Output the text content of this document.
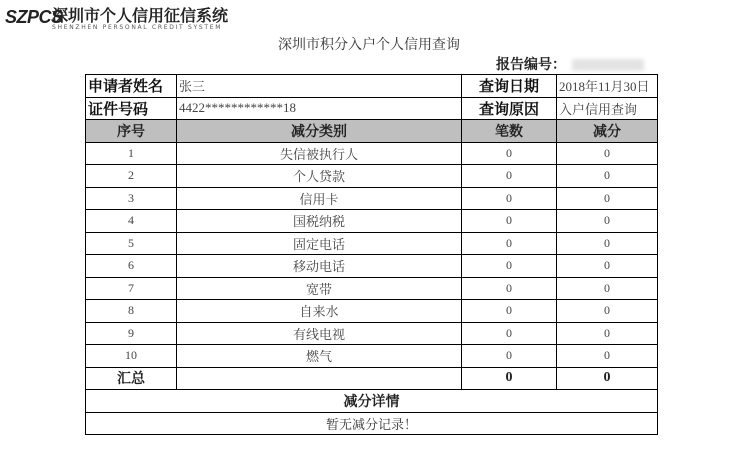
SZPCS
深圳市个人信用征信系统
SHENZHEN PERSONAL CREDIT SYSTEM
深圳市积分入户个人信用查询
报告编号：
申请者姓名	张三	查询日期	2018年11月30日
证件号码	4422************18	查询原因	入户信用查询
序号	减分类别	笔数	减分
1	失信被执行人	0	0
2	个人贷款	0	0
3	信用卡	0	0
4	国税纳税	0	0
5	固定电话	0	0
6	移动电话	0	0
7	宽带	0	0
8	自来水	0	0
9	有线电视	0	0
10	燃气	0	0
汇总		0	0
减分详情			
暂无减分记录！			
